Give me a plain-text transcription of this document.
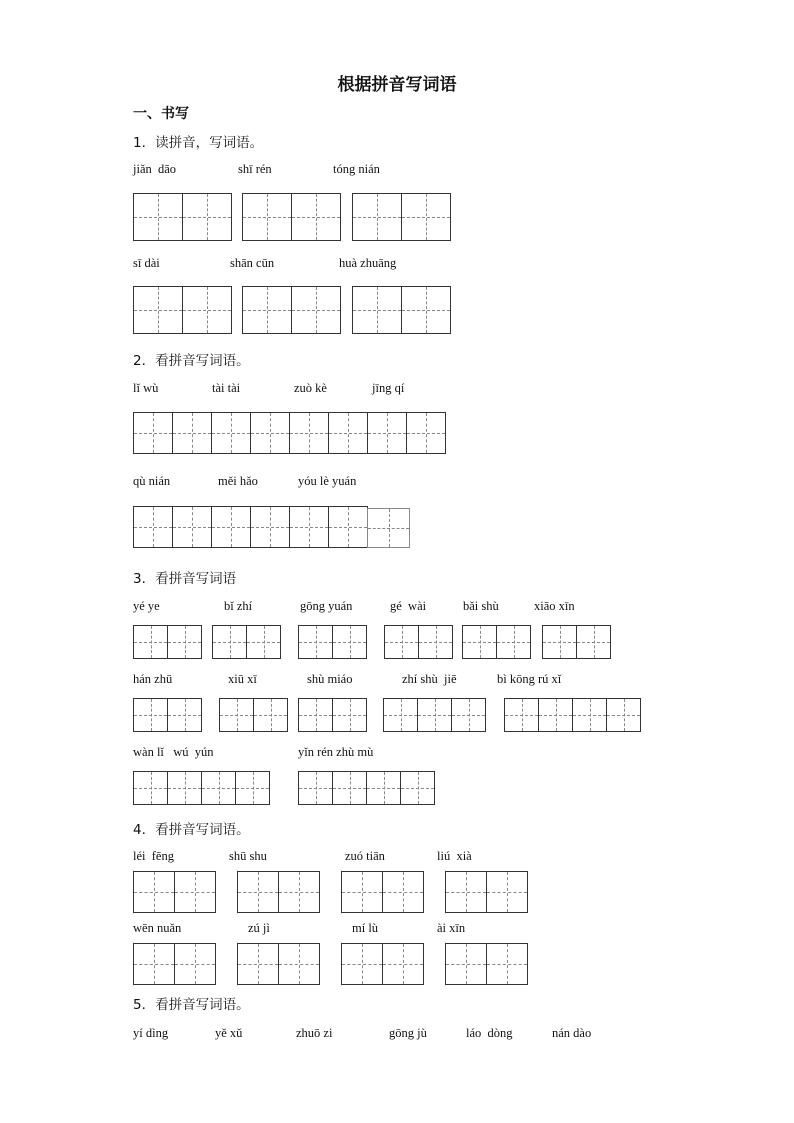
根据拼音写词语
一、书写
1．读拼音，写词语。
jiǎn  dāo	shī rén	tóng nián
sī dài	shān cūn	huà zhuāng
2．看拼音写词语。
lǐ wù	tài tài	zuò kè	jīng qí
qù nián	měi hǎo	yóu lè yuán
3．看拼音写词语
yé ye	bǐ zhí	gōng yuán	gé  wài	bǎi shù	xiāo xīn
hán zhū	xiū xī	shù miáo	zhí shù  jiē	bì kōng rú xǐ
wàn lǐ   wú  yún	yǐn rén zhù mù
4．看拼音写词语。
léi  fēng	shū shu	zuó tiān	liú  xià
wēn nuǎn	zú jì	mí lù	ài xīn
5．看拼音写词语。
yí dìng	yě xǔ	zhuō zi	gōng jù	láo  dòng	nán dào
